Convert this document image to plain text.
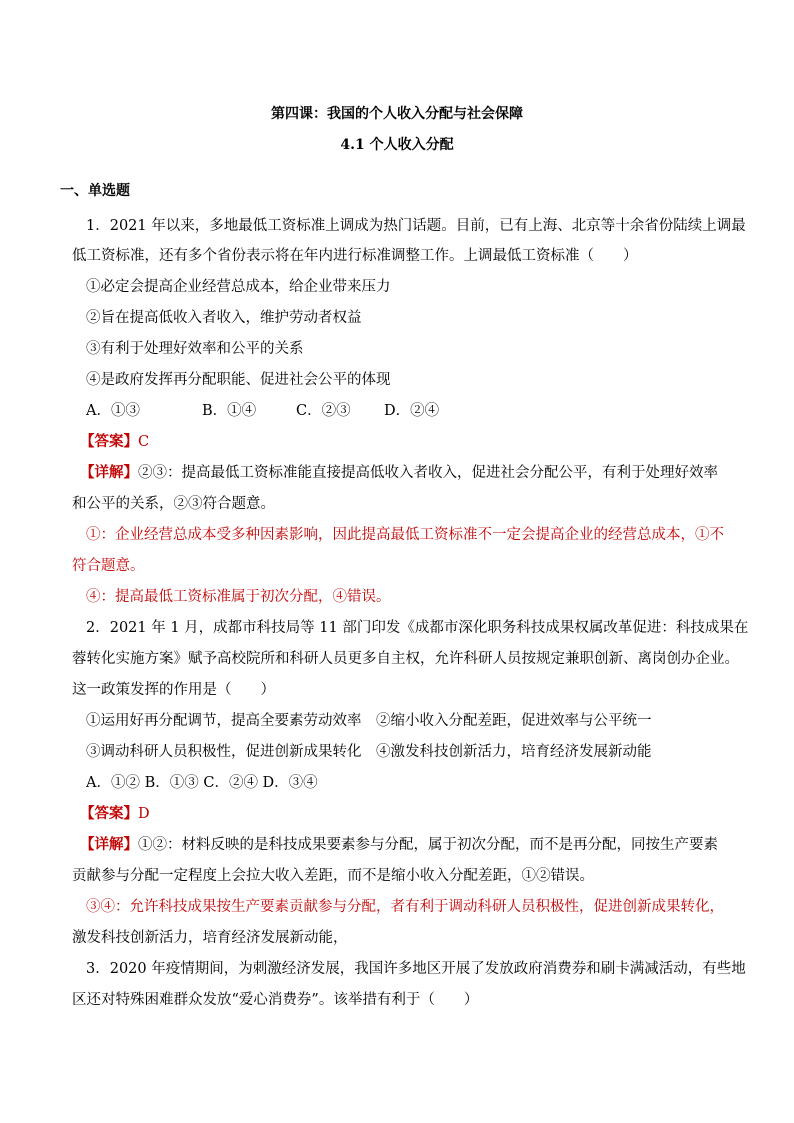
第四课：我国的个人收入分配与社会保障
4.1 个人收入分配
一、单选题
1．2021 年以来，多地最低工资标准上调成为热门话题。目前，已有上海、北京等十余省份陆续上调最
低工资标准，还有多个省份表示将在年内进行标准调整工作。上调最低工资标准（　　）
①必定会提高企业经营总成本，给企业带来压力
②旨在提高低收入者收入，维护劳动者权益
③有利于处理好效率和公平的关系
④是政府发挥再分配职能、促进社会公平的体现
A．①③	B．①④	C．②③ D．②④
【答案】C
【详解】②③：提高最低工资标准能直接提高低收入者收入，促进社会分配公平，有利于处理好效率
和公平的关系，②③符合题意。
①：企业经营总成本受多种因素影响，因此提高最低工资标准不一定会提高企业的经营总成本，①不
符合题意。
④：提高最低工资标准属于初次分配，④错误。
2．2021 年 1 月，成都市科技局等 11 部门印发《成都市深化职务科技成果权属改革促进：科技成果在
蓉转化实施方案》赋予高校院所和科研人员更多自主权，允许科研人员按规定兼职创新、离岗创办企业。
这一政策发挥的作用是（　　）
①运用好再分配调节，提高全要素劳动效率　②缩小收入分配差距，促进效率与公平统一
③调动科研人员积极性，促进创新成果转化　④激发科技创新活力，培育经济发展新动能
A．①② B．①③ C．②④ D．③④
【答案】D
【详解】①②：材料反映的是科技成果要素参与分配，属于初次分配，而不是再分配，同按生产要素
贡献参与分配一定程度上会拉大收入差距，而不是缩小收入分配差距，①②错误。
③④：允许科技成果按生产要素贡献参与分配，者有利于调动科研人员积极性，促进创新成果转化，
激发科技创新活力，培育经济发展新动能，
3．2020 年疫情期间，为刺激经济发展，我国许多地区开展了发放政府消费券和刷卡满减活动，有些地
区还对特殊困难群众发放“爱心消费券”。该举措有利于（　　）
